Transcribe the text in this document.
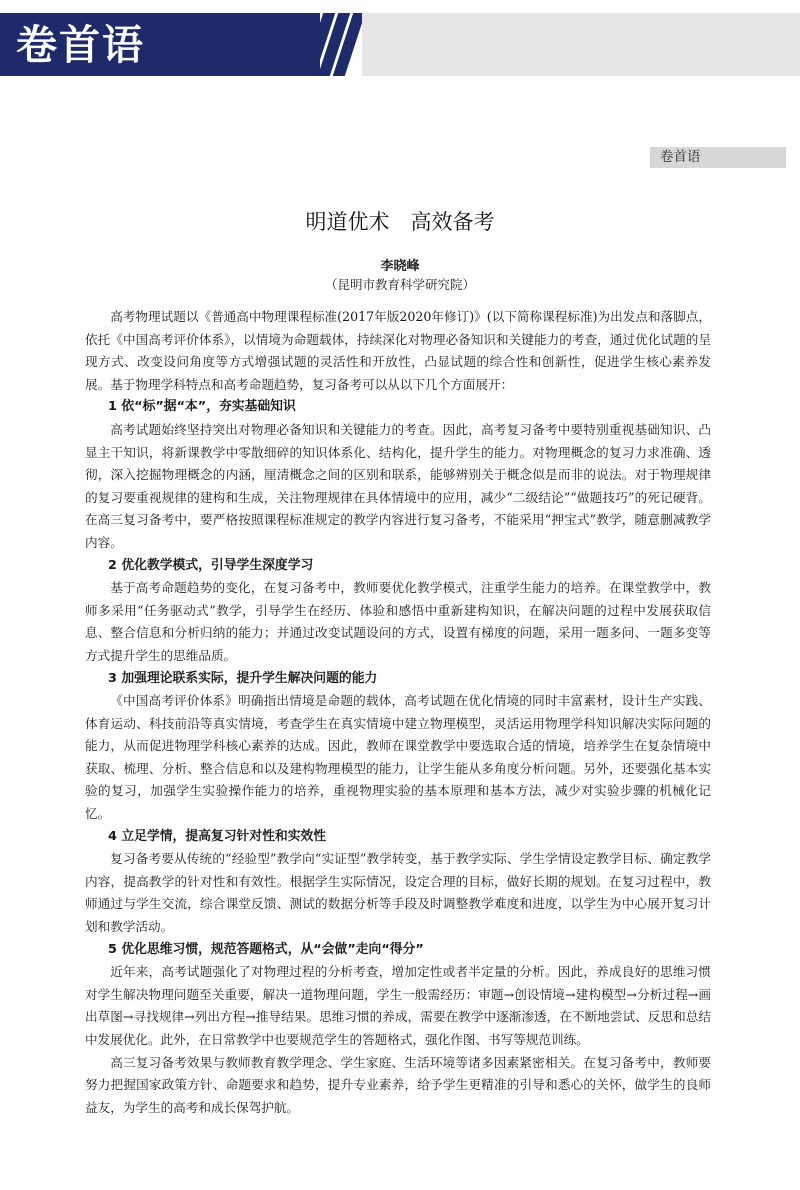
卷首语
卷首语
明道优术　高效备考
李晓峰
（昆明市教育科学研究院）

高考物理试题以《普通高中物理课程标准(2017年版2020年修订)》(以下简称课程标准)为出发点和落脚点，依托《中国高考评价体系》，以情境为命题载体，持续深化对物理必备知识和关键能力的考查，通过优化试题的呈现方式、改变设问角度等方式增强试题的灵活性和开放性，凸显试题的综合性和创新性，促进学生核心素养发展。基于物理学科特点和高考命题趋势，复习备考可以从以下几个方面展开：

1 依“标”据“本”，夯实基础知识

高考试题始终坚持突出对物理必备知识和关键能力的考查。因此，高考复习备考中要特别重视基础知识、凸显主干知识，将新课教学中零散细碎的知识体系化、结构化，提升学生的能力。对物理概念的复习力求准确、透彻，深入挖掘物理概念的内涵，厘清概念之间的区别和联系，能够辨别关于概念似是而非的说法。对于物理规律的复习要重视规律的建构和生成，关注物理规律在具体情境中的应用，减少“二级结论”“做题技巧”的死记硬背。在高三复习备考中，要严格按照课程标准规定的教学内容进行复习备考，不能采用“押宝式”教学，随意删减教学内容。

2 优化教学模式，引导学生深度学习

基于高考命题趋势的变化，在复习备考中，教师要优化教学模式，注重学生能力的培养。在课堂教学中，教师多采用“任务驱动式”教学，引导学生在经历、体验和感悟中重新建构知识，在解决问题的过程中发展获取信息、整合信息和分析归纳的能力；并通过改变试题设问的方式，设置有梯度的问题，采用一题多问、一题多变等方式提升学生的思维品质。

3 加强理论联系实际，提升学生解决问题的能力

《中国高考评价体系》明确指出情境是命题的载体，高考试题在优化情境的同时丰富素材，设计生产实践、体育运动、科技前沿等真实情境，考查学生在真实情境中建立物理模型，灵活运用物理学科知识解决实际问题的能力，从而促进物理学科核心素养的达成。因此，教师在课堂教学中要选取合适的情境，培养学生在复杂情境中获取、梳理、分析、整合信息和以及建构物理模型的能力，让学生能从多角度分析问题。另外，还要强化基本实验的复习，加强学生实验操作能力的培养，重视物理实验的基本原理和基本方法，减少对实验步骤的机械化记忆。

4 立足学情，提高复习针对性和实效性

复习备考要从传统的“经验型”教学向“实证型”教学转变，基于教学实际、学生学情设定教学目标、确定教学内容，提高教学的针对性和有效性。根据学生实际情况，设定合理的目标，做好长期的规划。在复习过程中，教师通过与学生交流，综合课堂反馈、测试的数据分析等手段及时调整教学难度和进度，以学生为中心展开复习计划和教学活动。

5 优化思维习惯，规范答题格式，从“会做”走向“得分”

近年来，高考试题强化了对物理过程的分析考查，增加定性或者半定量的分析。因此，养成良好的思维习惯对学生解决物理问题至关重要，解决一道物理问题，学生一般需经历：审题→创设情境→建构模型→分析过程→画出草图→寻找规律→列出方程→推导结果。思维习惯的养成，需要在教学中逐渐渗透，在不断地尝试、反思和总结中发展优化。此外，在日常教学中也要规范学生的答题格式，强化作图、书写等规范训练。

高三复习备考效果与教师教育教学理念、学生家庭、生活环境等诸多因素紧密相关。在复习备考中，教师要努力把握国家政策方针、命题要求和趋势，提升专业素养，给予学生更精准的引导和悉心的关怀，做学生的良师益友，为学生的高考和成长保驾护航。
